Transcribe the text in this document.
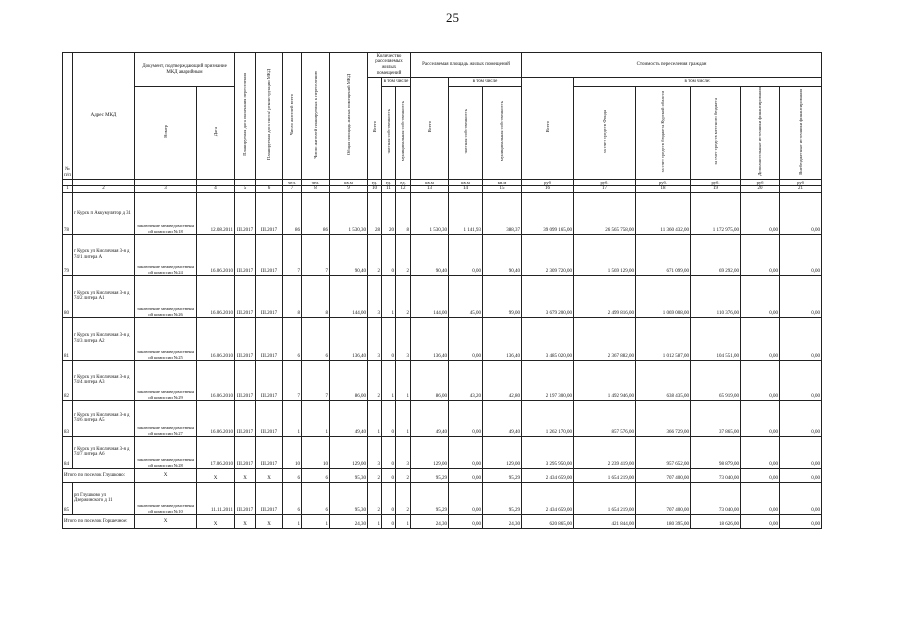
25
№ п/п	Адрес МКД	Документ, подтверждающий признание МКД аварийным		Планируемая дата окончания переселения	Планируемая дата сноса/ реконструкции МКД	Число жителей всего	Число жителей планируемых к переселению	Общая площадь жилых помещений МКД	Количество расселяемых жилых помещений			Расселяемая площадь жилых помещений			Стоимость переселения граждан					
									Всего	в том числе		Всего	в том числе		Всего	в том числе:				
		Номер	Дата							частная собственность	муниципальная собственность		частная собственность	муниципальная собственность		за счет средств Фонда	за счет средств бюджета Курской области	за счет средств местного бюджета	Дополнительные источники финансирования	Внебюджетные источники финансирования

						чел.	чел.	кв.м	ед.	ед.	ед.	кв.м	кв.м	кв.м	руб	руб.	руб.	руб.	руб	руб
1	2	3	4	5	6	7	8	9	10	11	12	13	14	15	16	17	18	19	20	21
78	г Курск п Аккумулятор д 31	заключение межведомственн ой комиссии №18	12.08.2011	III.2017	III.2017	86	86	1 530,30	28	20	8	1 530,30	1 141,93	388,37	39 099 165,00	26 565 758,00	11 360 432,00	1 172 975,00	0,00	0,00
79	г Курск ул Кисличная 3-я д 74/1 литера А	заключение межведомственн ой комиссии №24	16.06.2010	III.2017	III.2017	7	7	90,40	2	0	2	90,40	0,00	90,40	2 309 720,00	1 569 129,00	671 099,00	69 292,00	0,00	0,00
80	г Курск ул Кисличная 3-я д 74/2 литера А1	заключение межведомственн ой комиссии №26	16.06.2010	III.2017	III.2017	8	8	144,00	3	1	2	144,00	45,00	99,00	3 679 200,00	2 499 816,00	1 069 008,00	110 376,00	0,00	0,00
81	г Курск ул Кисличная 3-я д 74/3 литера А2	заключение межведомственн ой комиссии №25	16.06.2010	III.2017	III.2017	6	6	136,40	3	0	3	136,40	0,00	136,40	3 485 020,00	2 367 882,00	1 012 587,00	104 551,00	0,00	0,00
82	г Курск ул Кисличная 3-я д 74/4 литера А3	заключение межведомственн ой комиссии №29	16.06.2010	III.2017	III.2017	7	7	86,00	2	1	1	86,00	43,20	42,80	2 197 300,00	1 492 946,00	638 435,00	65 919,00	0,00	0,00
83	г Курск ул Кисличная 3-я д 74/6 литера А5	заключение межведомственн ой комиссии №27	16.06.2010	III.2017	III.2017	1	1	49,40	1	0	1	49,40	0,00	49,40	1 262 170,00	857 576,00	366 729,00	37 865,00	0,00	0,00
84	г Курск ул Кисличная 3-я д 74/7 литера А6	заключение межведомственн ой комиссии №28	17.06.2010	III.2017	III.2017	10	10	129,00	3	0	3	129,00	0,00	129,00	3 295 950,00	2 239 419,00	957 652,00	98 879,00	0,00	0,00
Итого по поселок Глушково:		X	X	X	X	6	6	95,30	2	0	2	95,29	0,00	95,29	2 434 659,00	1 654 219,00	707 400,00	73 040,00	0,00	0,00
85	рп Глушково ул Дзержинского д 11	заключение межведомственн ой комиссии №10	11.11.2011	III.2017	III.2017	6	6	95,30	2	0	2	95,29	0,00	95,29	2 434 659,00	1 654 219,00	707 400,00	73 040,00	0,00	0,00
Итого по поселок Горшечное:		X	X	X	X	1	1	24,30	1	0	1	24,30	0,00	24,30	620 865,00	421 844,00	180 395,00	18 626,00	0,00	0,00
